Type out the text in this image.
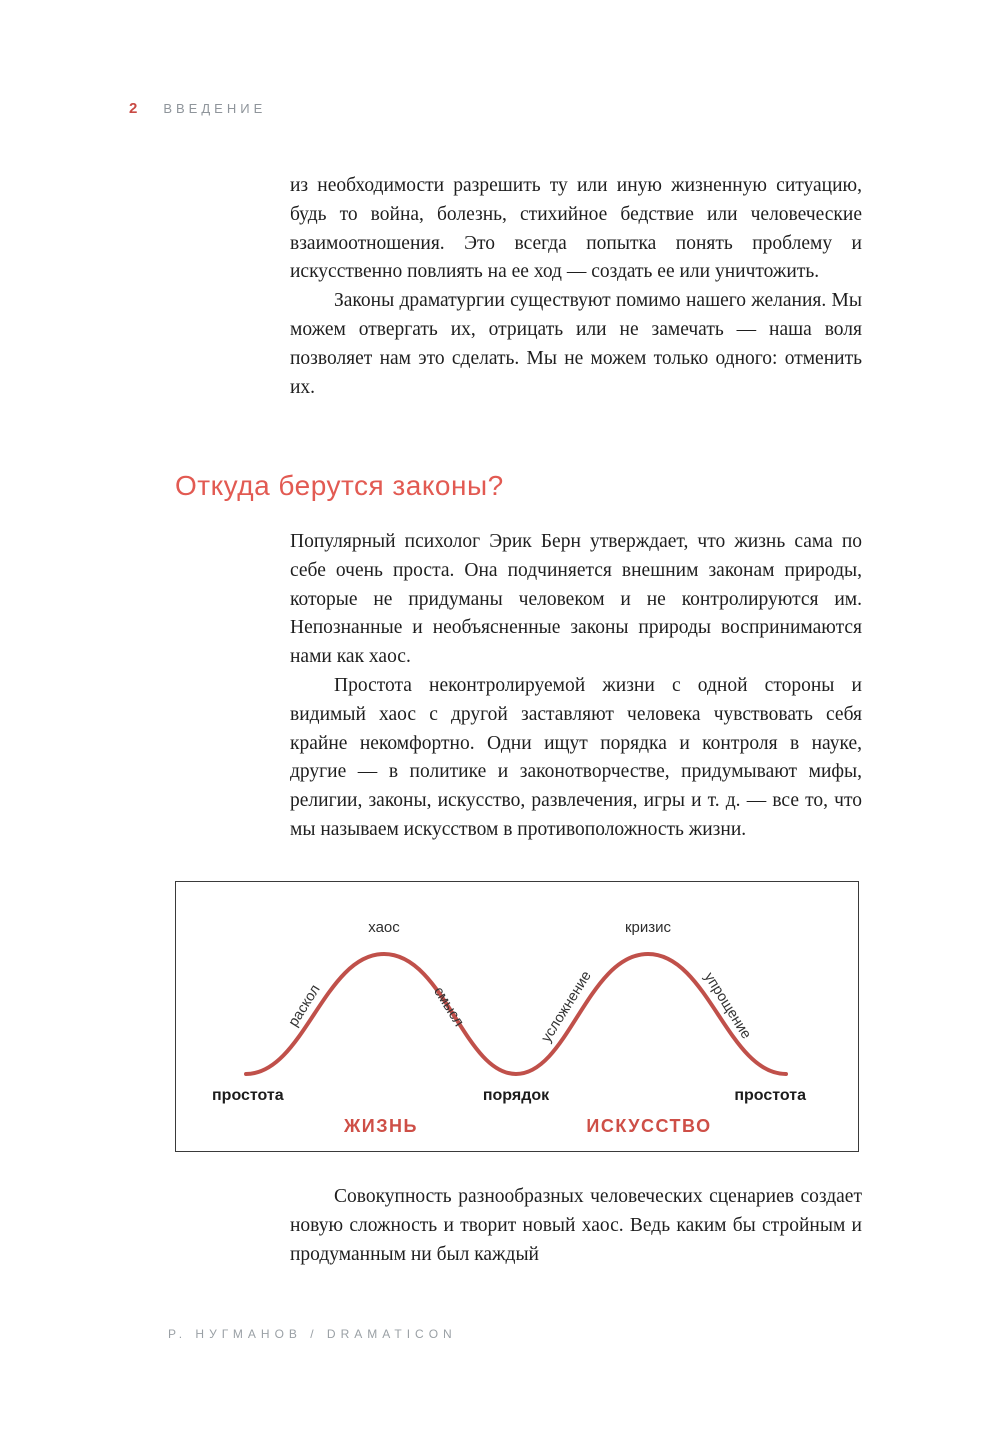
2 ВВЕДЕНИЕ

из необходимости разрешить ту или иную жизненную ситуацию, будь то война, болезнь, стихийное бедствие или человеческие взаимоотношения. Это всегда попытка понять проблему и искусственно повлиять на ее ход — создать ее или уничтожить.

Законы драматургии существуют помимо нашего желания. Мы можем отвергать их, отрицать или не замечать — наша воля позволяет нам это сделать. Мы не можем только одного: отменить их.

Откуда берутся законы?

Популярный психолог Эрик Берн утверждает, что жизнь сама по себе очень проста. Она подчиняется внешним законам природы, которые не придуманы человеком и не контролируются им. Непознанные и необъясненные законы природы воспринимаются нами как хаос.

Простота неконтролируемой жизни с одной стороны и видимый хаос с другой заставляют человека чувствовать себя крайне некомфортно. Одни ищут порядка и контроля в науке, другие — в политике и законотворчестве, придумывают мифы, религии, законы, искусство, развлечения, игры и т. д. — все то, что мы называем искусством в противоположность жизни.

хаос	кризис
раскол	смысл	усложнение	упрощение
простота	порядок	простота
ЖИЗНЬ	ИСКУССТВО

Совокупность разнообразных человеческих сценариев создает новую сложность и творит новый хаос. Ведь каким бы стройным и продуманным ни был каждый

Р. НУГМАНОВ / DRAMATICON
